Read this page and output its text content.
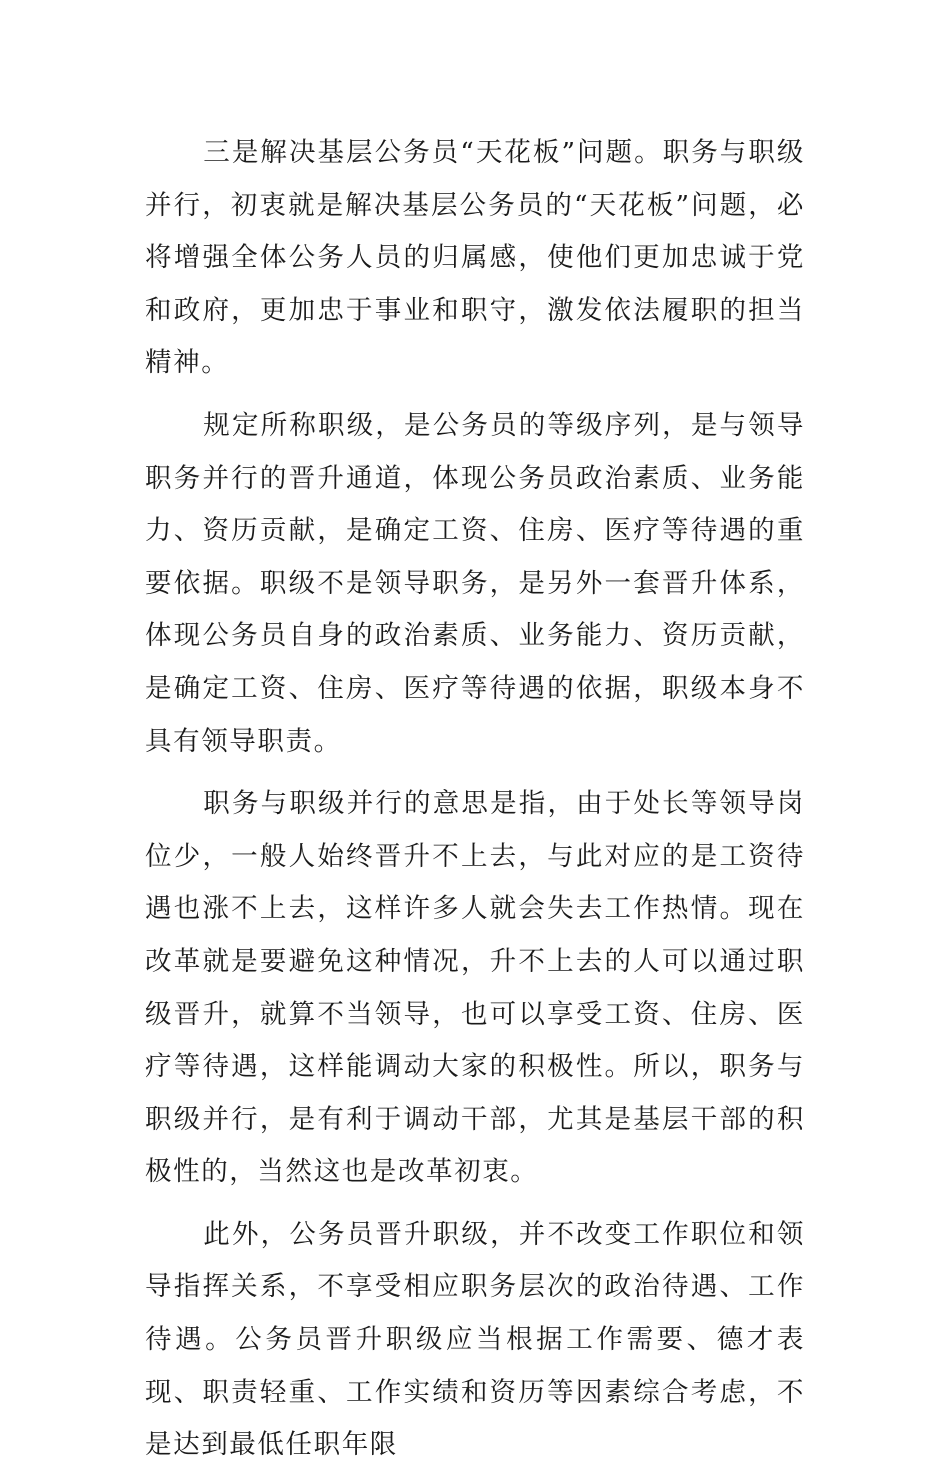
三是解决基层公务员“天花板”问题。职务与职级并行，初衷就是解决基层公务员的“天花板”问题，必将增强全体公务人员的归属感，使他们更加忠诚于党和政府，更加忠于事业和职守，激发依法履职的担当精神。

规定所称职级，是公务员的等级序列，是与领导职务并行的晋升通道，体现公务员政治素质、业务能力、资历贡献，是确定工资、住房、医疗等待遇的重要依据。职级不是领导职务，是另外一套晋升体系，体现公务员自身的政治素质、业务能力、资历贡献，是确定工资、住房、医疗等待遇的依据，职级本身不具有领导职责。

职务与职级并行的意思是指，由于处长等领导岗位少，一般人始终晋升不上去，与此对应的是工资待遇也涨不上去，这样许多人就会失去工作热情。现在改革就是要避免这种情况，升不上去的人可以通过职级晋升，就算不当领导，也可以享受工资、住房、医疗等待遇，这样能调动大家的积极性。所以，职务与职级并行，是有利于调动干部，尤其是基层干部的积极性的，当然这也是改革初衷。

此外，公务员晋升职级，并不改变工作职位和领导指挥关系，不享受相应职务层次的政治待遇、工作待遇。公务员晋升职级应当根据工作需要、德才表现、职责轻重、工作实绩和资历等因素综合考虑，不是达到最低任职年限
